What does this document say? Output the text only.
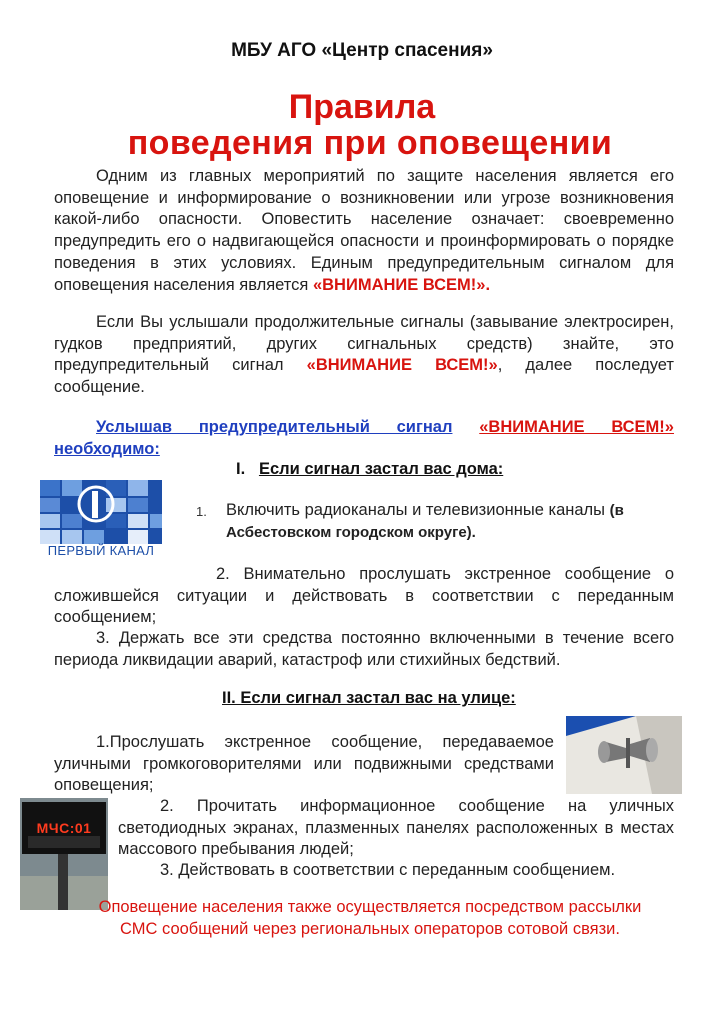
МБУ АГО «Центр спасения»
Правила
поведения при оповещении
Одним из главных мероприятий по защите населения является его оповещение и информирование о возникновении или угрозе возникновения какой-либо опасности. Оповестить население означает: своевременно предупредить его о надвигающейся опасности и проинформировать о порядке поведения в этих условиях. Единым предупредительным сигналом для оповещения населения является «ВНИМАНИЕ ВСЕМ!».
Если Вы услышали продолжительные сигналы (завывание электросирен, гудков предприятий, других сигнальных средств) знайте, это предупредительный сигнал «ВНИМАНИЕ ВСЕМ!», далее последует сообщение.
Услышав предупредительный сигнал «ВНИМАНИЕ ВСЕМ!» необходимо:
I. Если сигнал застал вас дома:
ПЕРВЫЙ КАНАЛ
1. Включить радиоканалы и телевизионные каналы (в Асбестовском городском округе).
2. Внимательно прослушать экстренное сообщение о сложившейся ситуации и действовать в соответствии с переданным сообщением;
3. Держать все эти средства постоянно включенными в течение всего периода ликвидации аварий, катастроф или стихийных бедствий.
II. Если сигнал застал вас на улице:
1.Прослушать экстренное сообщение, передаваемое уличными громкоговорителями или подвижными средствами оповещения;
МЧС:01
2. Прочитать информационное сообщение на уличных светодиодных экранах, плазменных панелях расположенных в местах массового пребывания людей;
3. Действовать в соответствии с переданным сообщением.
Оповещение населения также осуществляется посредством рассылки СМС сообщений через региональных операторов сотовой связи.
